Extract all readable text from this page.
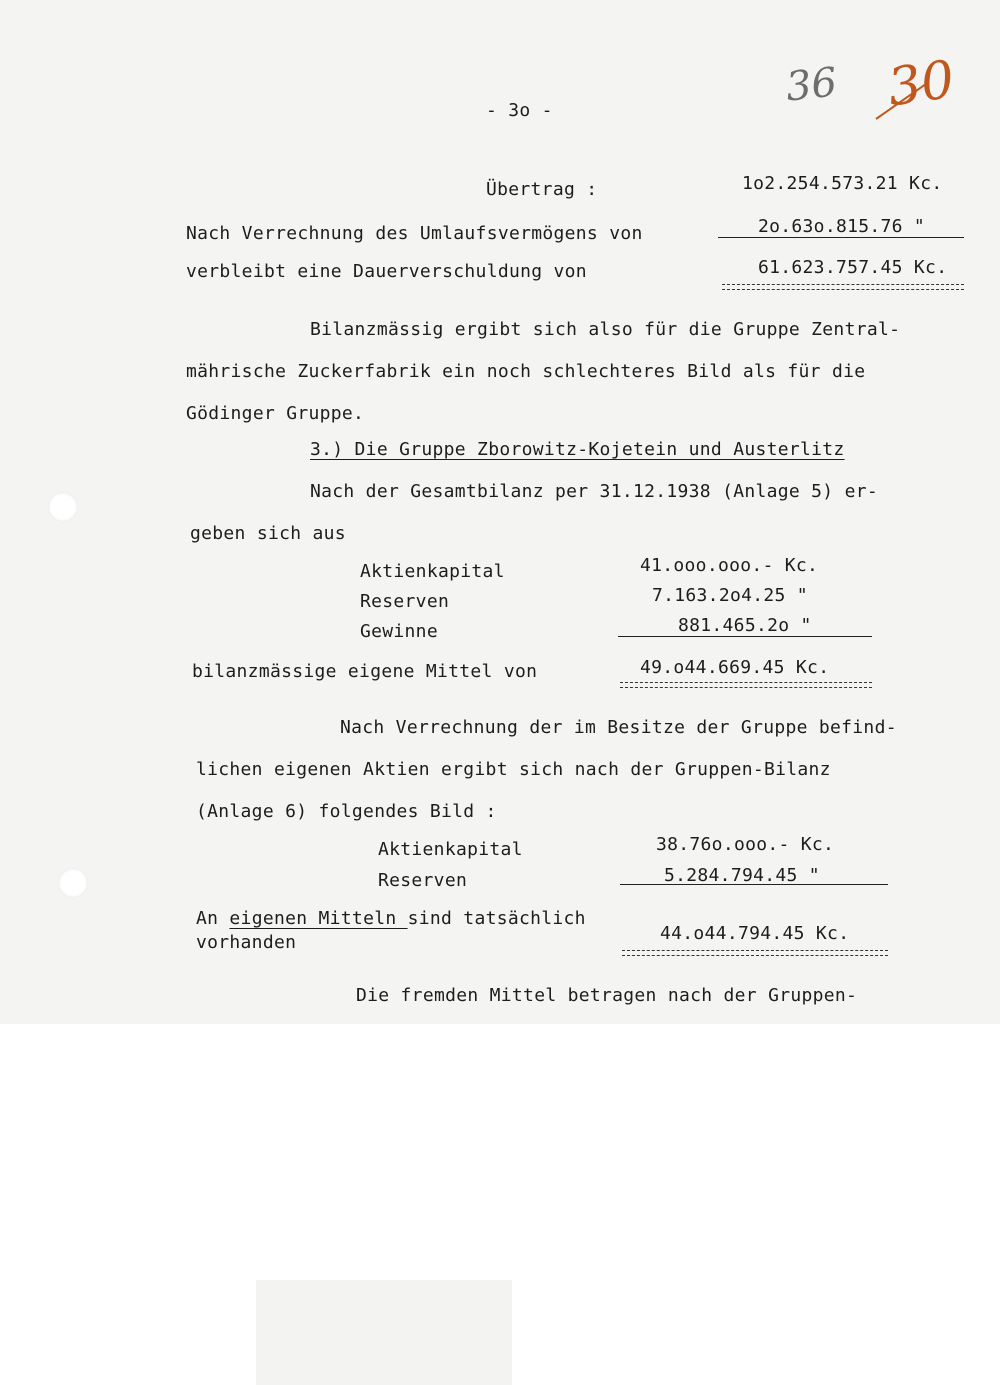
36 30
- 3o -
Übertrag :	1o2.254.573.21 Kc.
Nach Verrechnung des Umlaufsvermögens von	2o.63o.815.76 "
verbleibt eine Dauerverschuldung von	61.623.757.45 Kc.
Bilanzmässig ergibt sich also für die Gruppe Zentral-
mährische Zuckerfabrik ein noch schlechteres Bild als für die
Gödinger Gruppe.
3.) Die Gruppe Zborowitz-Kojetein und Austerlitz
Nach der Gesamtbilanz per 31.12.1938 (Anlage 5) er-
geben sich aus
Aktienkapital	41.ooo.ooo.- Kc.
Reserven	7.163.2o4.25 "
Gewinne	881.465.2o "
bilanzmässige eigene Mittel von	49.o44.669.45 Kc.
Nach Verrechnung der im Besitze der Gruppe befind-
lichen eigenen Aktien ergibt sich nach der Gruppen-Bilanz
(Anlage 6) folgendes Bild :
Aktienkapital	38.76o.ooo.- Kc.
Reserven	5.284.794.45 "
An eigenen Mitteln sind tatsächlich
vorhanden	44.o44.794.45 Kc.
Die fremden Mittel betragen nach der Gruppen-
